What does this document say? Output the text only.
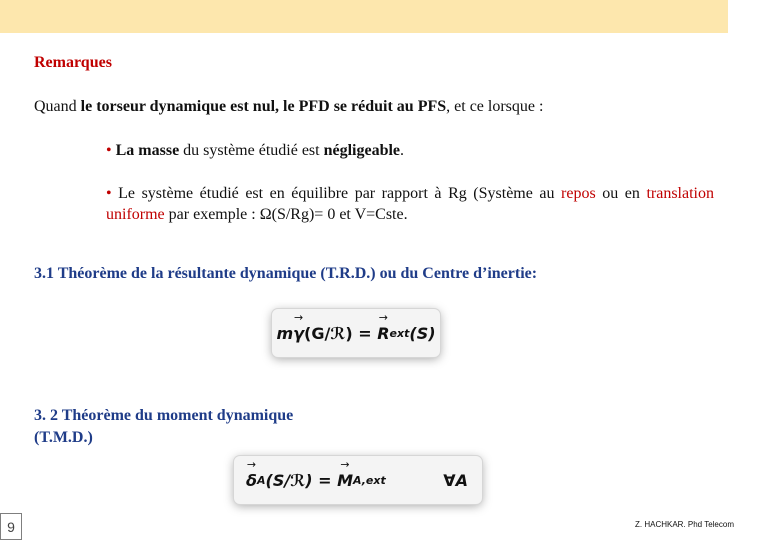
Remarques
Quand le torseur dynamique est nul, le PFD se réduit au PFS, et ce lorsque :
• La masse du système étudié est négligeable.
• Le système étudié est en équilibre par rapport à Rg (Système au repos ou en translation uniforme par exemple : Ω(S/Rg)= 0 et V=Cste.
3.1 Théorème de la résultante dynamique (T.R.D.) ou du Centre d’inertie:
m → γ (G/ℛ) = → R ext (S)
3. 2 Théorème du moment dynamique
(T.M.D.)
→ δ A (S/ℛ) = → M A,ext	∀A
9	Z. HACHKAR. Phd Telecom
